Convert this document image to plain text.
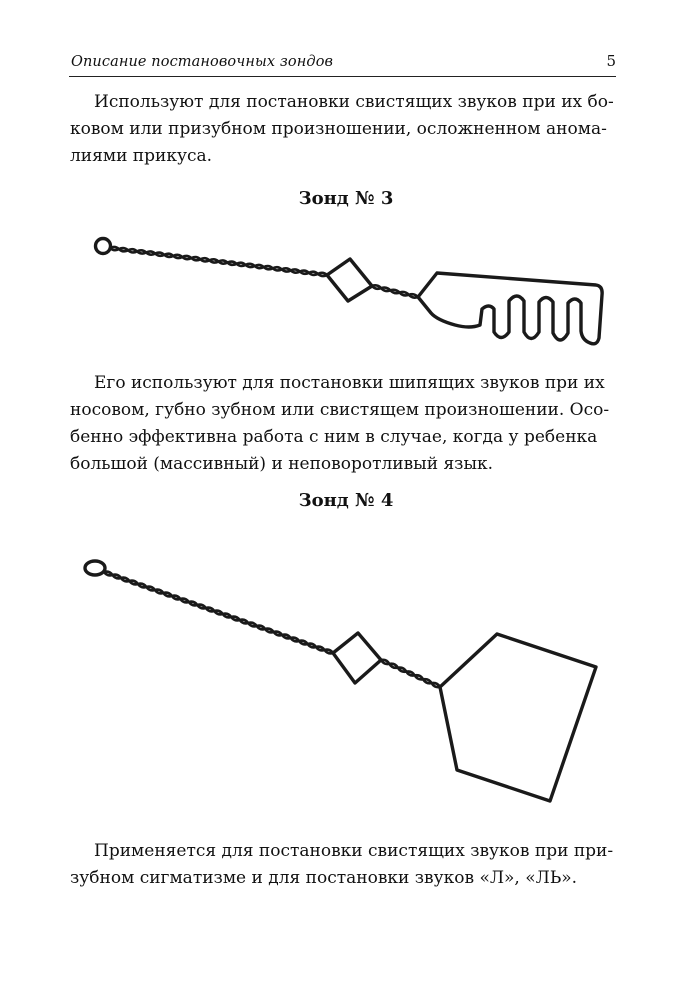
Описание постановочных зондов	5

Используют для постановки свистящих звуков при их бо-
ковом или призубном произношении, осложненном анома-
лиями прикуса.

Зонд № 3

Его используют для постановки шипящих звуков при их
носовом, губно зубном или свистящем произношении. Осо-
бенно эффективна работа с ним в случае, когда у ребенка
большой (массивный) и неповоротливый язык.

Зонд № 4

Применяется для постановки свистящих звуков при при-
зубном сигматизме и для постановки звуков «Л», «ЛЬ».
